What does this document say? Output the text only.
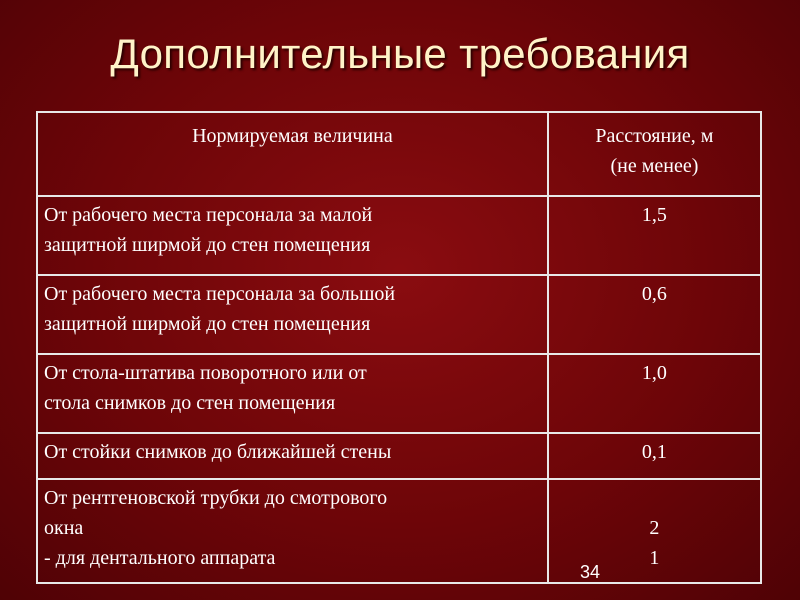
Дополнительные требования
Нормируемая величина	Расстояние, м
(не менее)

От рабочего места персонала за малой
защитной ширмой до стен помещения	1,5

От рабочего места персонала за большой
защитной ширмой до стен помещения	0,6

От стола-штатива поворотного или от
стола снимков до стен помещения	1,0

От стойки снимков до ближайшей стены	0,1

От рентгеновской трубки до смотрового
окна
- для дентального аппарата	2
1
34
